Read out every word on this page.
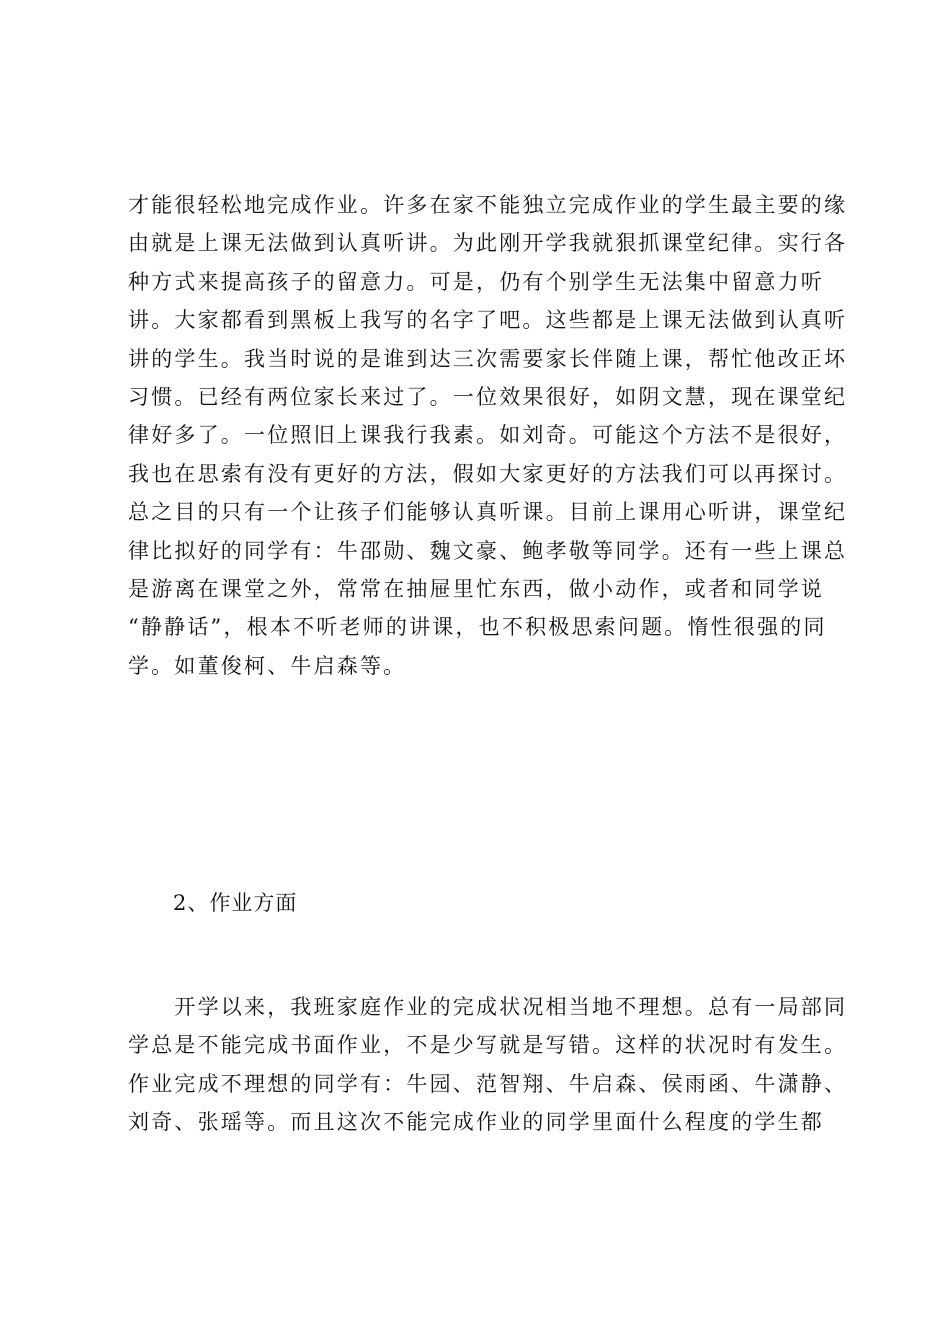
才能很轻松地完成作业。许多在家不能独立完成作业的学生最主要的缘
由就是上课无法做到认真听讲。为此刚开学我就狠抓课堂纪律。实行各
种方式来提高孩子的留意力。可是，仍有个别学生无法集中留意力听
讲。大家都看到黑板上我写的名字了吧。这些都是上课无法做到认真听
讲的学生。我当时说的是谁到达三次需要家长伴随上课，帮忙他改正坏
习惯。已经有两位家长来过了。一位效果很好，如阴文慧，现在课堂纪
律好多了。一位照旧上课我行我素。如刘奇。可能这个方法不是很好，
我也在思索有没有更好的方法，假如大家更好的方法我们可以再探讨。
总之目的只有一个让孩子们能够认真听课。目前上课用心听讲，课堂纪
律比拟好的同学有：牛邵勋、魏文豪、鲍孝敬等同学。还有一些上课总
是游离在课堂之外，常常在抽屉里忙东西，做小动作，或者和同学说
“静静话”，根本不听老师的讲课，也不积极思索问题。惰性很强的同
学。如董俊柯、牛启森等。
2、作业方面
　　开学以来，我班家庭作业的完成状况相当地不理想。总有一局部同
学总是不能完成书面作业，不是少写就是写错。这样的状况时有发生。
作业完成不理想的同学有：牛园、范智翔、牛启森、侯雨函、牛潇静、
刘奇、张瑶等。而且这次不能完成作业的同学里面什么程度的学生都
